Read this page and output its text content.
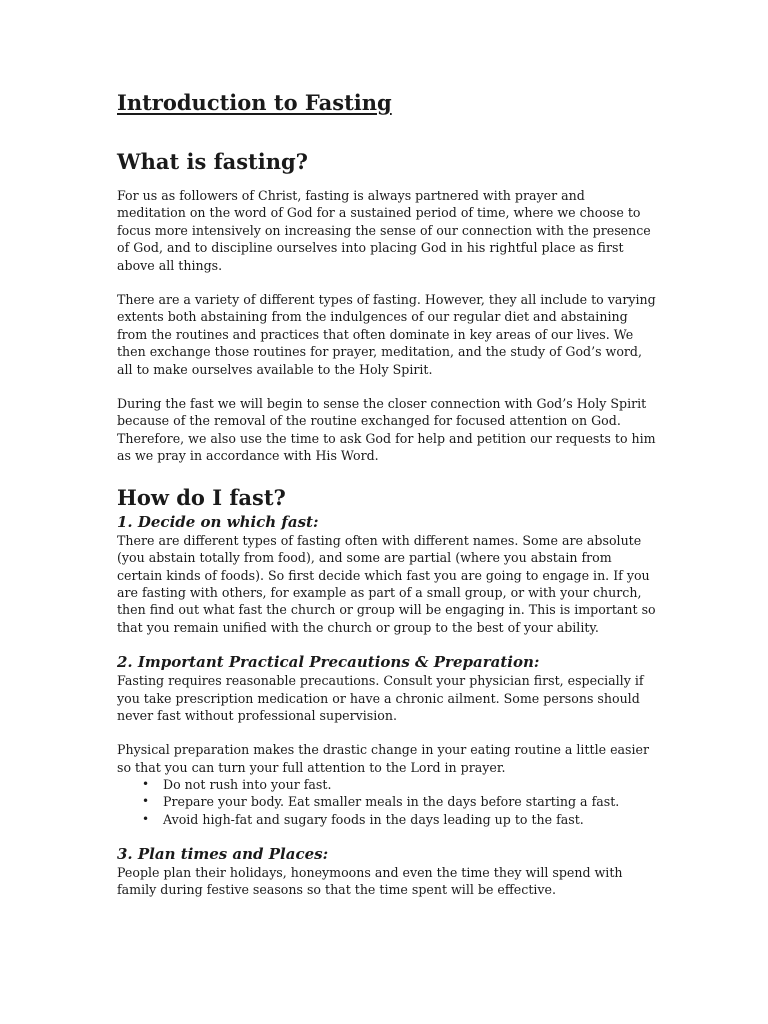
Introduction to Fasting
What is fasting?

For us as followers of Christ, fasting is always partnered with prayer and meditation on the word of God for a sustained period of time, where we choose to focus more intensively on increasing the sense of our connection with the presence of God, and to discipline ourselves into placing God in his rightful place as first above all things.

There are a variety of different types of fasting. However, they all include to varying extents both abstaining from the indulgences of our regular diet and abstaining from the routines and practices that often dominate in key areas of our lives. We then exchange those routines for prayer, meditation, and the study of God’s word, all to make ourselves available to the Holy Spirit.

During the fast we will begin to sense the closer connection with God’s Holy Spirit because of the removal of the routine exchanged for focused attention on God. Therefore, we also use the time to ask God for help and petition our requests to him as we pray in accordance with His Word.

How do I fast?
1. Decide on which fast:

There are different types of fasting often with different names. Some are absolute (you abstain totally from food), and some are partial (where you abstain from certain kinds of foods). So first decide which fast you are going to engage in. If you are fasting with others, for example as part of a small group, or with your church, then find out what fast the church or group will be engaging in. This is important so that you remain unified with the church or group to the best of your ability.

2. Important Practical Precautions & Preparation:

Fasting requires reasonable precautions. Consult your physician first, especially if you take prescription medication or have a chronic ailment. Some persons should never fast without professional supervision.

Physical preparation makes the drastic change in your eating routine a little easier so that you can turn your full attention to the Lord in prayer.

• Do not rush into your fast.
• Prepare your body. Eat smaller meals in the days before starting a fast.
• Avoid high-fat and sugary foods in the days leading up to the fast.
3. Plan times and Places:

People plan their holidays, honeymoons and even the time they will spend with family during festive seasons so that the time spent will be effective.
